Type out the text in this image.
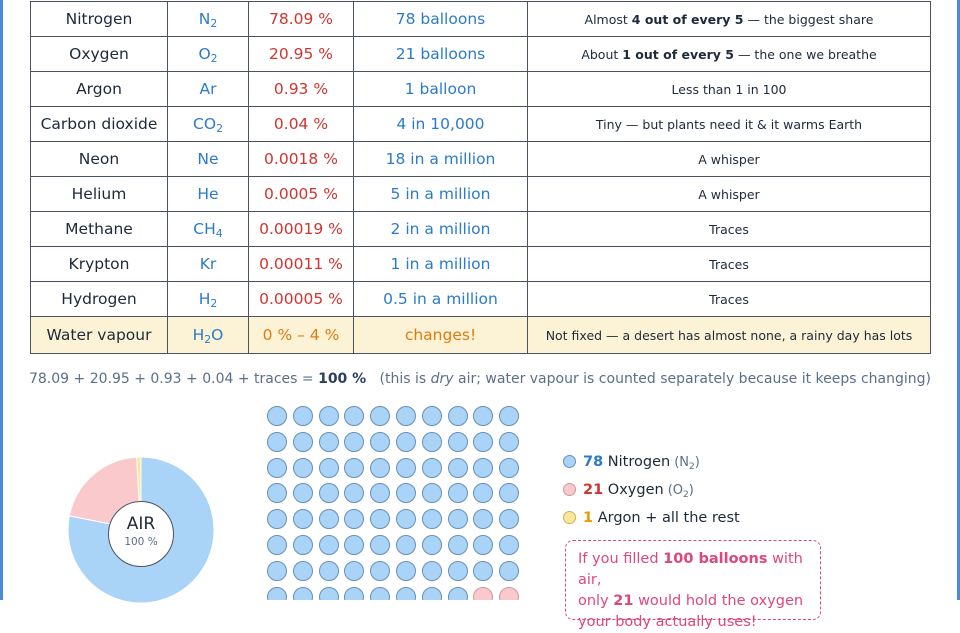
Nitrogen	$N_2$	78.09 %	78 balloons	Almost 4 out of every 5 — the biggest share
Oxygen	$O_2$	20.95 %	21 balloons	About 1 out of every 5 — the one we breathe
Argon	Ar	0.93 %	1 balloon	Less than 1 in 100
Carbon dioxide	$CO_2$	0.04 %	4 in 10,000	Tiny — but plants need it & it warms Earth
Neon	Ne	0.0018 %	18 in a million	A whisper
Helium	He	0.0005 %	5 in a million	A whisper
Methane	$CH_4$	0.00019 %	2 in a million	Traces
Krypton	Kr	0.00011 %	1 in a million	Traces
Hydrogen	$H_2$	0.00005 %	0.5 in a million	Traces
Water vapour	$H_2O$	0 % – 4 %	changes!	Not fixed — a desert has almost none, a rainy day has lots
78.09 + 20.95 + 0.93 + 0.04 + traces = 100 %   (this is dry air; water vapour is counted separately because it keeps changing)
AIR
100 %
78 Nitrogen $(N_2)$
21 Oxygen $(O_2)$
1 Argon + all the rest
If you filled 100 balloons with air,
only 21 would hold the oxygen
your body actually uses!
